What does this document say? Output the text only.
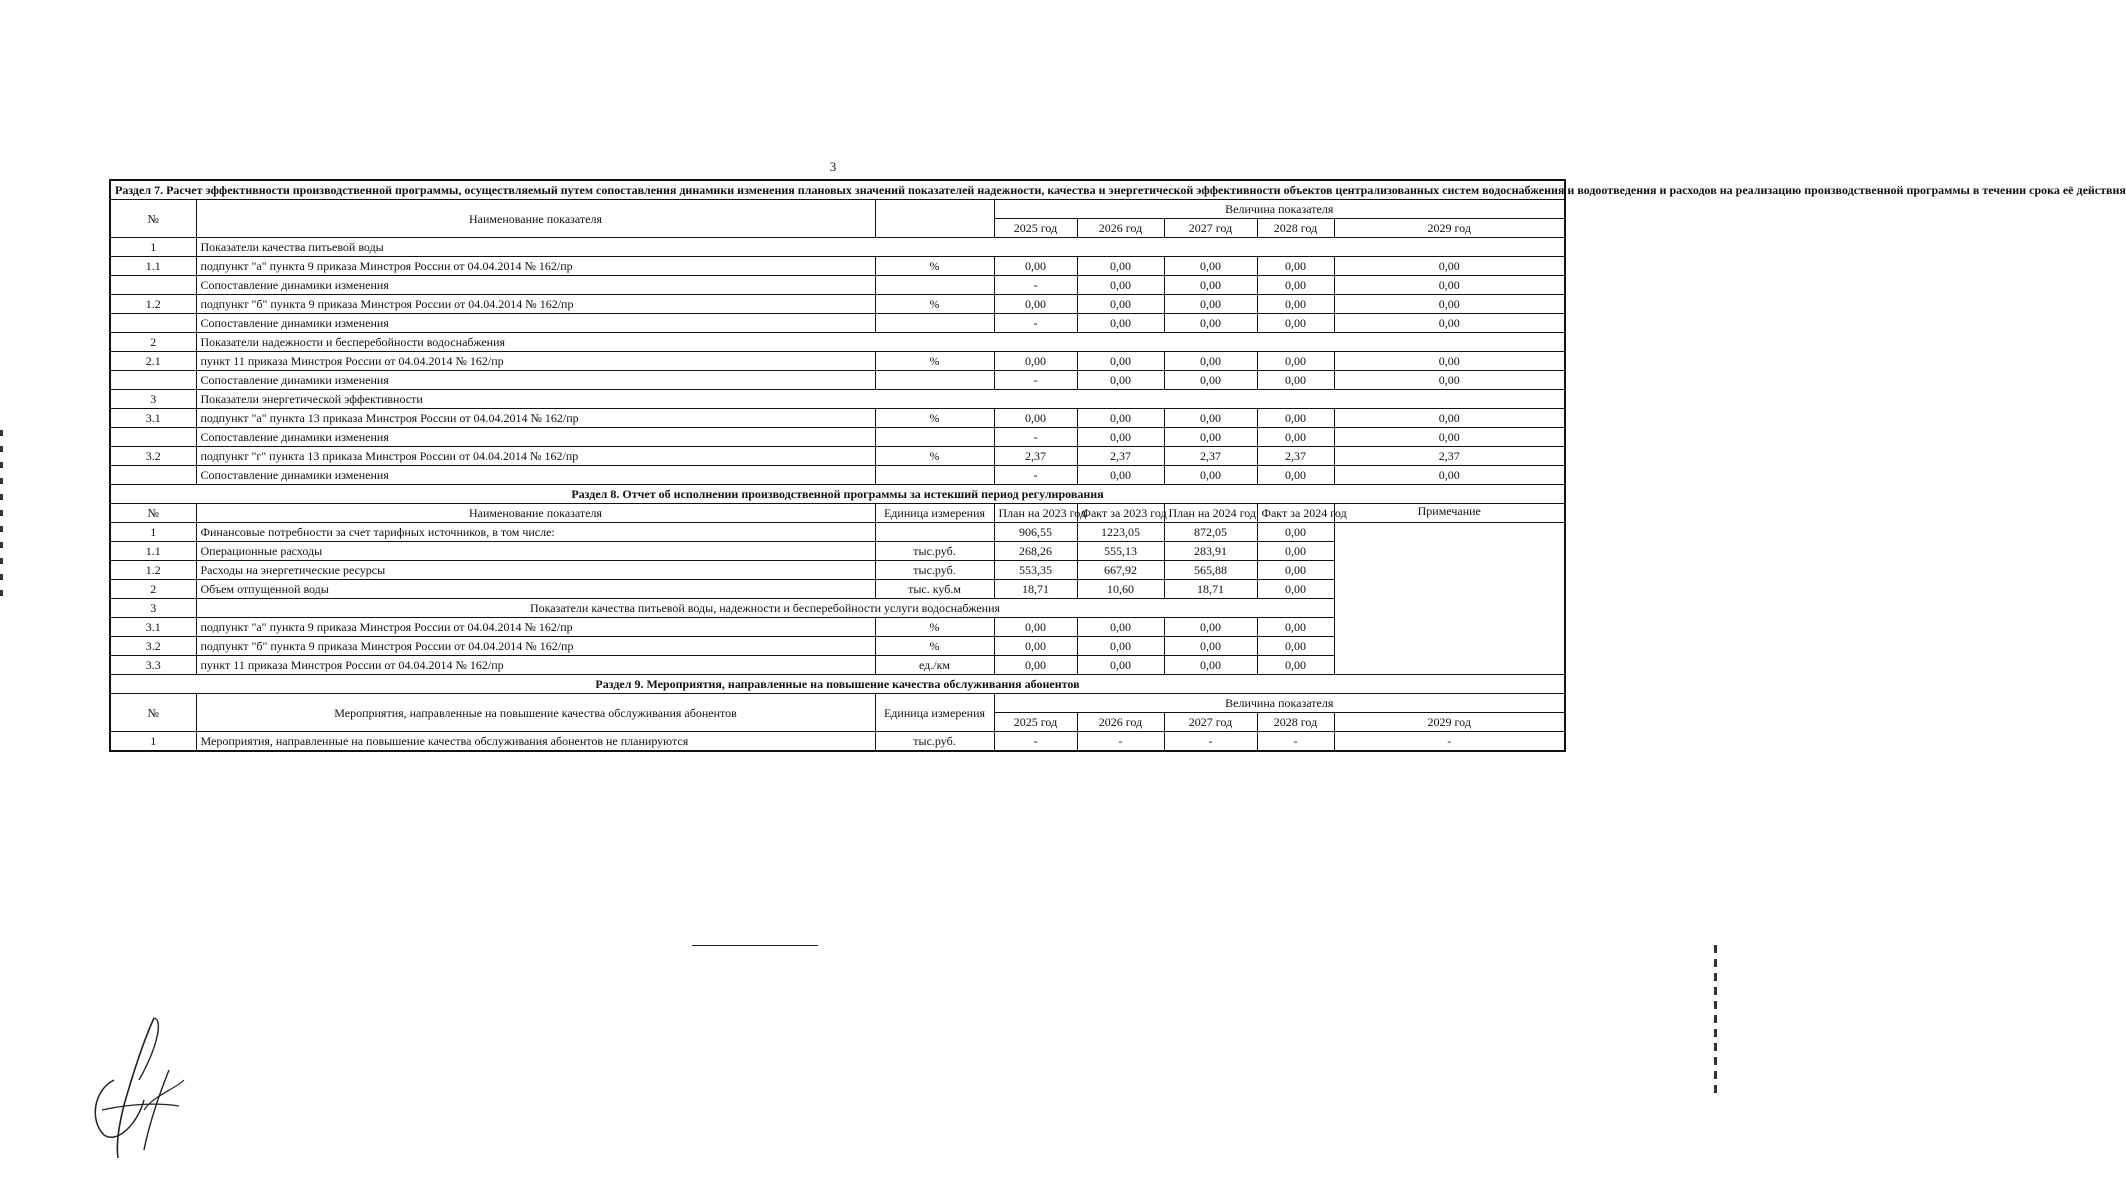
3
Раздел 7. Расчет эффективности производственной программы, осуществляемый путем сопоставления динамики изменения плановых значений показателей надежности, качества и энергетической эффективности объектов централизованных систем водоснабжения и водоотведения и расходов на реализацию производственной программы в течении срока её действия							
№	Наименование показателя		Величина показателя				
			2025 год	2026 год	2027 год	2028 год	2029 год
1	Показатели качества питьевой воды						
1.1	подпункт "а" пункта 9 приказа Минстроя России от 04.04.2014 № 162/пр	%	0,00	0,00	0,00	0,00	0,00
	Сопоставление динамики изменения		-	0,00	0,00	0,00	0,00
1.2	подпункт "б" пункта 9 приказа Минстроя России от 04.04.2014 № 162/пр	%	0,00	0,00	0,00	0,00	0,00
	Сопоставление динамики изменения		-	0,00	0,00	0,00	0,00
2	Показатели надежности и бесперебойности водоснабжения						
2.1	пункт 11 приказа Минстроя России от 04.04.2014 № 162/пр	%	0,00	0,00	0,00	0,00	0,00
	Сопоставление динамики изменения		-	0,00	0,00	0,00	0,00
3	Показатели энергетической эффективности						
3.1	подпункт "а" пункта 13 приказа Минстроя России от 04.04.2014 № 162/пр	%	0,00	0,00	0,00	0,00	0,00
	Сопоставление динамики изменения		-	0,00	0,00	0,00	0,00
3.2	подпункт "г" пункта 13 приказа Минстроя России от 04.04.2014 № 162/пр	%	2,37	2,37	2,37	2,37	2,37
	Сопоставление динамики изменения		-	0,00	0,00	0,00	0,00
Раздел 8. Отчет об исполнении производственной программы за истекший период регулирования							
№	Наименование показателя	Единица измерения	План на 2023 год	Факт за 2023 год	План на 2024 год	Факт за 2024 год	Примечание
1	Финансовые потребности за счет тарифных источников, в том числе:		906,55	1223,05	872,05	0,00	
1.1	Операционные расходы	тыс.руб.	268,26	555,13	283,91	0,00	
1.2	Расходы на энергетические ресурсы	тыс.руб.	553,35	667,92	565,88	0,00	
2	Объем отпущенной воды	тыс. куб.м	18,71	10,60	18,71	0,00	
3	Показатели качества питьевой воды, надежности и бесперебойности услуги водоснабжения						
3.1	подпункт "а" пункта 9 приказа Минстроя России от 04.04.2014 № 162/пр	%	0,00	0,00	0,00	0,00	
3.2	подпункт "б" пункта 9 приказа Минстроя России от 04.04.2014 № 162/пр	%	0,00	0,00	0,00	0,00	
3.3	пункт 11 приказа Минстроя России от 04.04.2014 № 162/пр	ед./км	0,00	0,00	0,00	0,00	
Раздел 9. Мероприятия, направленные на повышение качества обслуживания абонентов							
№	Мероприятия, направленные на повышение качества обслуживания абонентов	Единица измерения	Величина показателя				
			2025 год	2026 год	2027 год	2028 год	2029 год
1	Мероприятия, направленные на повышение качества обслуживания абонентов не планируются	тыс.руб.	-	-	-	-	-
